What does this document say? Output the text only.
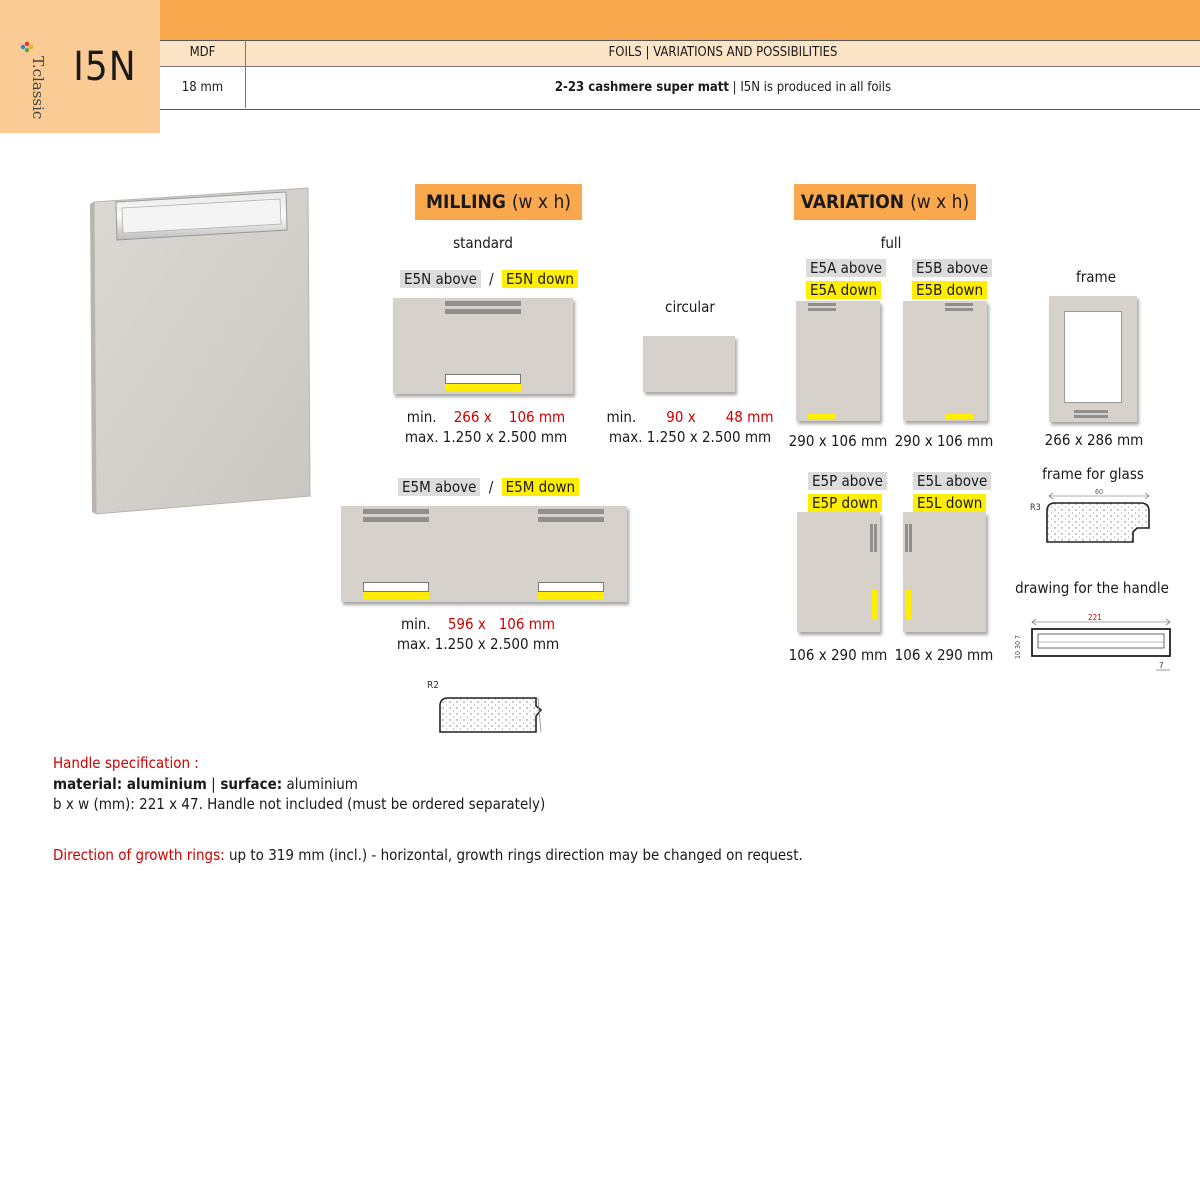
T.classic I5N	MDF	FOILS | VARIATIONS AND POSSIBILITIES
18 mm	2-23 cashmere super matt | I5N is produced in all foils
MILLING (w x h)
standard
E5N above / E5N down
min. 266 x 106 mm
max. 1.250 x 2.500 mm
circular
min. 90 x 48 mm
max. 1.250 x 2.500 mm
E5M above / E5M down
min. 596 x 106 mm
max. 1.250 x 2.500 mm
R2
VARIATION (w x h)
full
E5A above
E5A down
290 x 106 mm
E5B above
E5B down
290 x 106 mm
frame
266 x 286 mm
frame for glass
60
R3
E5P above
E5P down
106 x 290 mm
E5L above
E5L down
106 x 290 mm
drawing for the handle
221
10 30 7
7
Handle specification :
material: aluminium | surface: aluminium
b x w (mm): 221 x 47. Handle not included (must be ordered separately)
Direction of growth rings: up to 319 mm (incl.) - horizontal, growth rings direction may be changed on request.
